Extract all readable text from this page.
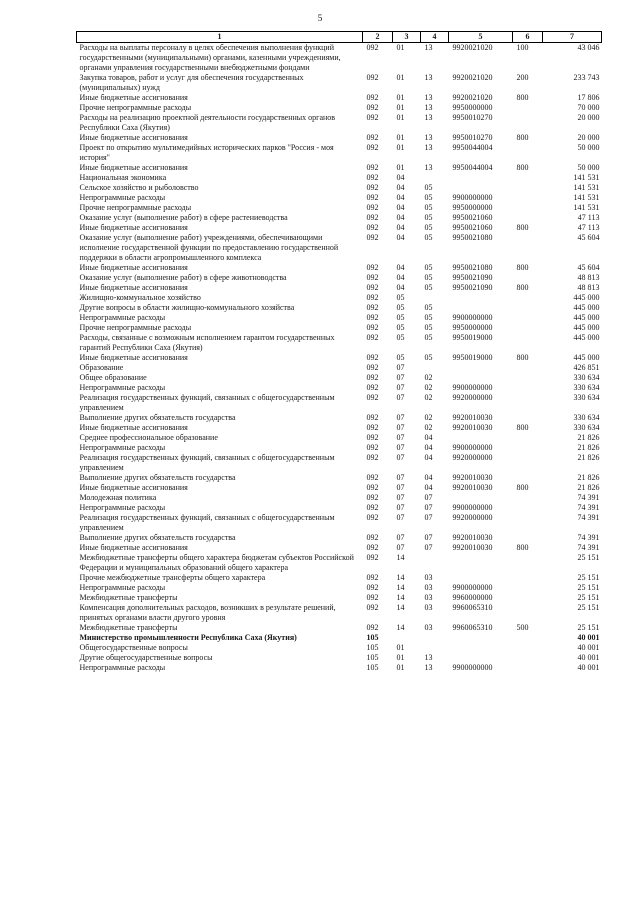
5
1	2	3	4	5	6	7
Расходы на выплаты персоналу в целях обеспечения выполнения функций государственными (муниципальными) органами, казенными учреждениями, органами управления государственными внебюджетными фондами	092	01	13	9920021020	100	43 046
Закупка товаров, работ и услуг для обеспечения государственных (муниципальных) нужд	092	01	13	9920021020	200	233 743
Иные бюджетные ассигнования	092	01	13	9920021020	800	17 806
Прочие непрограммные расходы	092	01	13	9950000000		70 000
Расходы на реализацию проектной деятельности государственных органов Республики Саха (Якутия)	092	01	13	9950010270		20 000
Иные бюджетные ассигнования	092	01	13	9950010270	800	20 000
Проект по открытию мультимедийных исторических парков "Россия - моя история"	092	01	13	9950044004		50 000
Иные бюджетные ассигнования	092	01	13	9950044004	800	50 000
Национальная экономика	092	04				141 531
Сельское хозяйство и рыболовство	092	04	05			141 531
Непрограммные расходы	092	04	05	9900000000		141 531
Прочие непрограммные расходы	092	04	05	9950000000		141 531
Оказание услуг (выполнение работ) в сфере растениеводства	092	04	05	9950021060		47 113
Иные бюджетные ассигнования	092	04	05	9950021060	800	47 113
Оказание услуг (выполнение работ) учреждениями, обеспечивающими исполнение государственной функции по предоставлению государственной поддержки в области агропромышленного комплекса	092	04	05	9950021080		45 604
Иные бюджетные ассигнования	092	04	05	9950021080	800	45 604
Оказание услуг (выполнение работ) в сфере животноводства	092	04	05	9950021090		48 813
Иные бюджетные ассигнования	092	04	05	9950021090	800	48 813
Жилищно-коммунальное хозяйство	092	05				445 000
Другие вопросы в области жилищно-коммунального хозяйства	092	05	05			445 000
Непрограммные расходы	092	05	05	9900000000		445 000
Прочие непрограммные расходы	092	05	05	9950000000		445 000
Расходы, связанные с возможным исполнением гарантом государственных гарантий Республики Саха (Якутия)	092	05	05	9950019000		445 000
Иные бюджетные ассигнования	092	05	05	9950019000	800	445 000
Образование	092	07				426 851
Общее образование	092	07	02			330 634
Непрограммные расходы	092	07	02	9900000000		330 634
Реализация государственных функций, связанных с общегосударственным управлением	092	07	02	9920000000		330 634
Выполнение других обязательств государства	092	07	02	9920010030		330 634
Иные бюджетные ассигнования	092	07	02	9920010030	800	330 634
Среднее профессиональное образование	092	07	04			21 826
Непрограммные расходы	092	07	04	9900000000		21 826
Реализация государственных функций, связанных с общегосударственным управлением	092	07	04	9920000000		21 826
Выполнение других обязательств государства	092	07	04	9920010030		21 826
Иные бюджетные ассигнования	092	07	04	9920010030	800	21 826
Молодежная политика	092	07	07			74 391
Непрограммные расходы	092	07	07	9900000000		74 391
Реализация государственных функций, связанных с общегосударственным управлением	092	07	07	9920000000		74 391
Выполнение других обязательств государства	092	07	07	9920010030		74 391
Иные бюджетные ассигнования	092	07	07	9920010030	800	74 391
Межбюджетные трансферты общего характера бюджетам субъектов Российской Федерации и муниципальных образований общего характера	092	14				25 151
Прочие межбюджетные трансферты общего характера	092	14	03			25 151
Непрограммные расходы	092	14	03	9900000000		25 151
Межбюджетные трансферты	092	14	03	9960000000		25 151
Компенсация дополнительных расходов, возникших в результате решений, принятых органами власти другого уровня	092	14	03	9960065310		25 151
Межбюджетные трансферты	092	14	03	9960065310	500	25 151
Министерство промышленности Республика Саха (Якутия)	105					40 001
Общегосударственные вопросы	105	01				40 001
Другие общегосударственные вопросы	105	01	13			40 001
Непрограммные расходы	105	01	13	9900000000		40 001
